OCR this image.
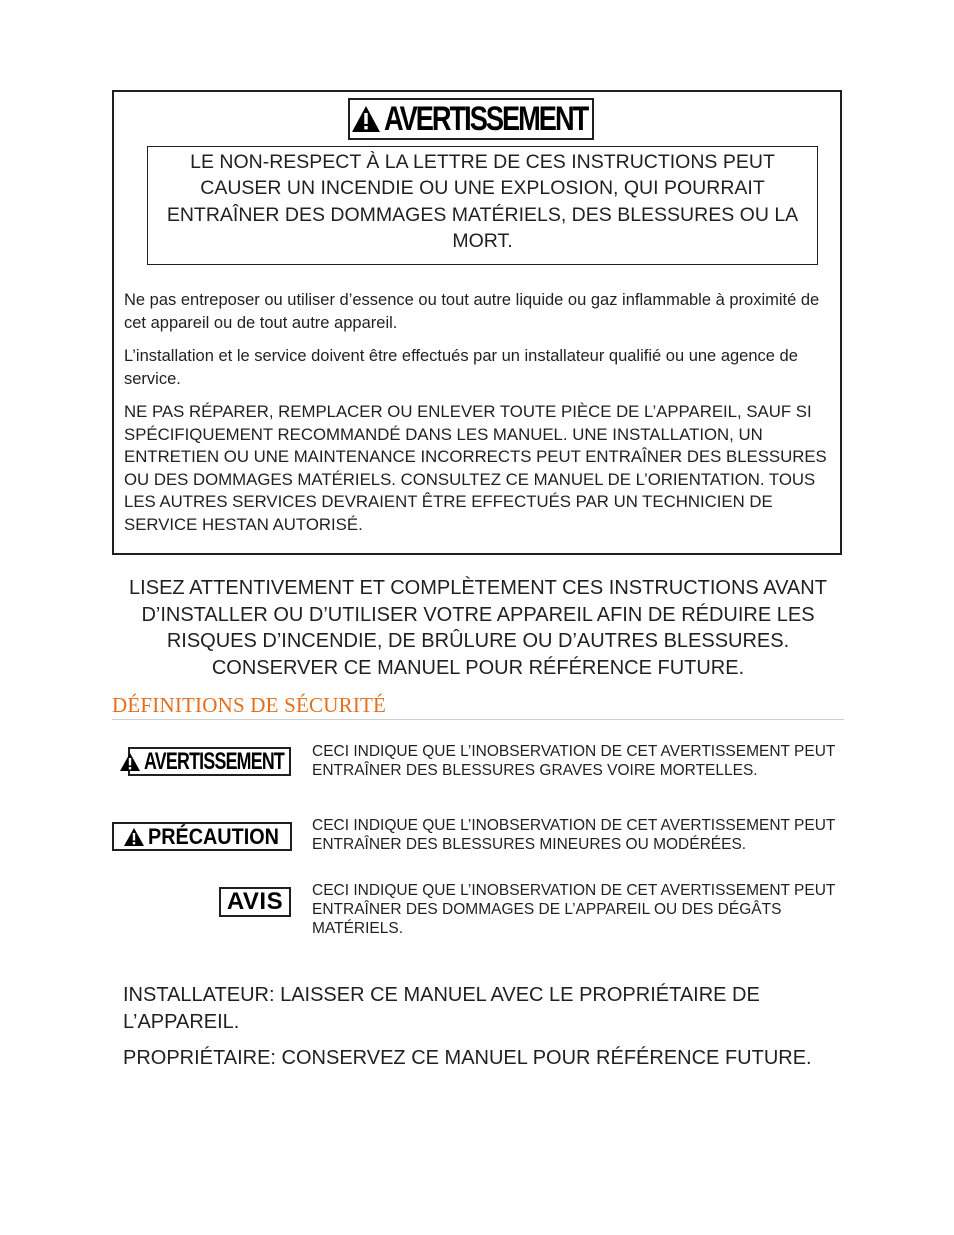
AVERTISSEMENT
LE NON-RESPECT À LA LETTRE DE CES INSTRUCTIONS PEUT CAUSER UN INCENDIE OU UNE EXPLOSION, QUI POURRAIT ENTRAÎNER DES DOMMAGES MATÉRIELS, DES BLESSURES OU LA MORT.

Ne pas entreposer ou utiliser d’essence ou tout autre liquide ou gaz inflammable à proximité de cet appareil ou de tout autre appareil.

L’installation et le service doivent être effectués par un installateur qualifié ou une agence de service.

NE PAS RÉPARER, REMPLACER OU ENLEVER TOUTE PIÈCE DE L’APPAREIL, SAUF SI SPÉCIFIQUEMENT RECOMMANDÉ DANS LES MANUEL. UNE INSTALLATION, UN ENTRETIEN OU UNE MAINTENANCE INCORRECTS PEUT ENTRAÎNER DES BLESSURES OU DES DOMMAGES MATÉRIELS. CONSULTEZ CE MANUEL DE L’ORIENTATION. TOUS LES AUTRES SERVICES DEVRAIENT ÊTRE EFFECTUÉS PAR UN TECHNICIEN DE SERVICE HESTAN AUTORISÉ.

LISEZ ATTENTIVEMENT ET COMPLÈTEMENT CES INSTRUCTIONS AVANT D’INSTALLER OU D’UTILISER VOTRE APPAREIL AFIN DE RÉDUIRE LES RISQUES D’INCENDIE, DE BRÛLURE OU D’AUTRES BLESSURES. CONSERVER CE MANUEL POUR RÉFÉRENCE FUTURE.
DÉFINITIONS DE SÉCURITÉ
AVERTISSEMENT CECI INDIQUE QUE L’INOBSERVATION DE CET AVERTISSEMENT PEUT ENTRAÎNER DES BLESSURES GRAVES VOIRE MORTELLES.
PRÉCAUTION CECI INDIQUE QUE L’INOBSERVATION DE CET AVERTISSEMENT PEUT ENTRAÎNER DES BLESSURES MINEURES OU MODÉRÉES.
AVIS CECI INDIQUE QUE L’INOBSERVATION DE CET AVERTISSEMENT PEUT ENTRAÎNER DES DOMMAGES DE L’APPAREIL OU DES DÉGÂTS MATÉRIELS.

INSTALLATEUR: LAISSER CE MANUEL AVEC LE PROPRIÉTAIRE DE L’APPAREIL.

PROPRIÉTAIRE: CONSERVEZ CE MANUEL POUR RÉFÉRENCE FUTURE.
